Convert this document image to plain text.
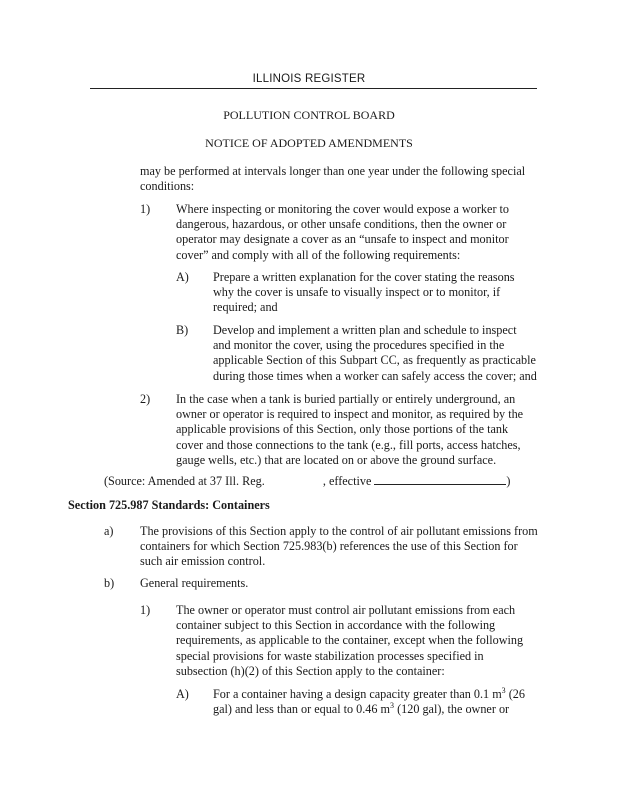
ILLINOIS REGISTER
POLLUTION CONTROL BOARD
NOTICE OF ADOPTED AMENDMENTS

may be performed at intervals longer than one year under the following special conditions:

1) Where inspecting or monitoring the cover would expose a worker to dangerous, hazardous, or other unsafe conditions, then the owner or operator may designate a cover as an “unsafe to inspect and monitor cover” and comply with all of the following requirements:

A) Prepare a written explanation for the cover stating the reasons why the cover is unsafe to visually inspect or to monitor, if required; and

B) Develop and implement a written plan and schedule to inspect and monitor the cover, using the procedures specified in the applicable Section of this Subpart CC, as frequently as practicable during those times when a worker can safely access the cover; and

2) In the case when a tank is buried partially or entirely underground, an owner or operator is required to inspect and monitor, as required by the applicable provisions of this Section, only those portions of the tank cover and those connections to the tank (e.g., fill ports, access hatches, gauge wells, etc.) that are located on or above the ground surface.

(Source: Amended at 37 Ill. Reg.	, effective	)
Section 725.987 Standards: Containers
a) The provisions of this Section apply to the control of air pollutant emissions from containers for which Section 725.983(b) references the use of this Section for such air emission control.

b) General requirements.

1) The owner or operator must control air pollutant emissions from each container subject to this Section in accordance with the following requirements, as applicable to the container, except when the following special provisions for waste stabilization processes specified in subsection (h)(2) of this Section apply to the container:

A) For a container having a design capacity greater than 0.1 $m^3$ (26 gal) and less than or equal to 0.46 $m^3$ (120 gal), the owner or
